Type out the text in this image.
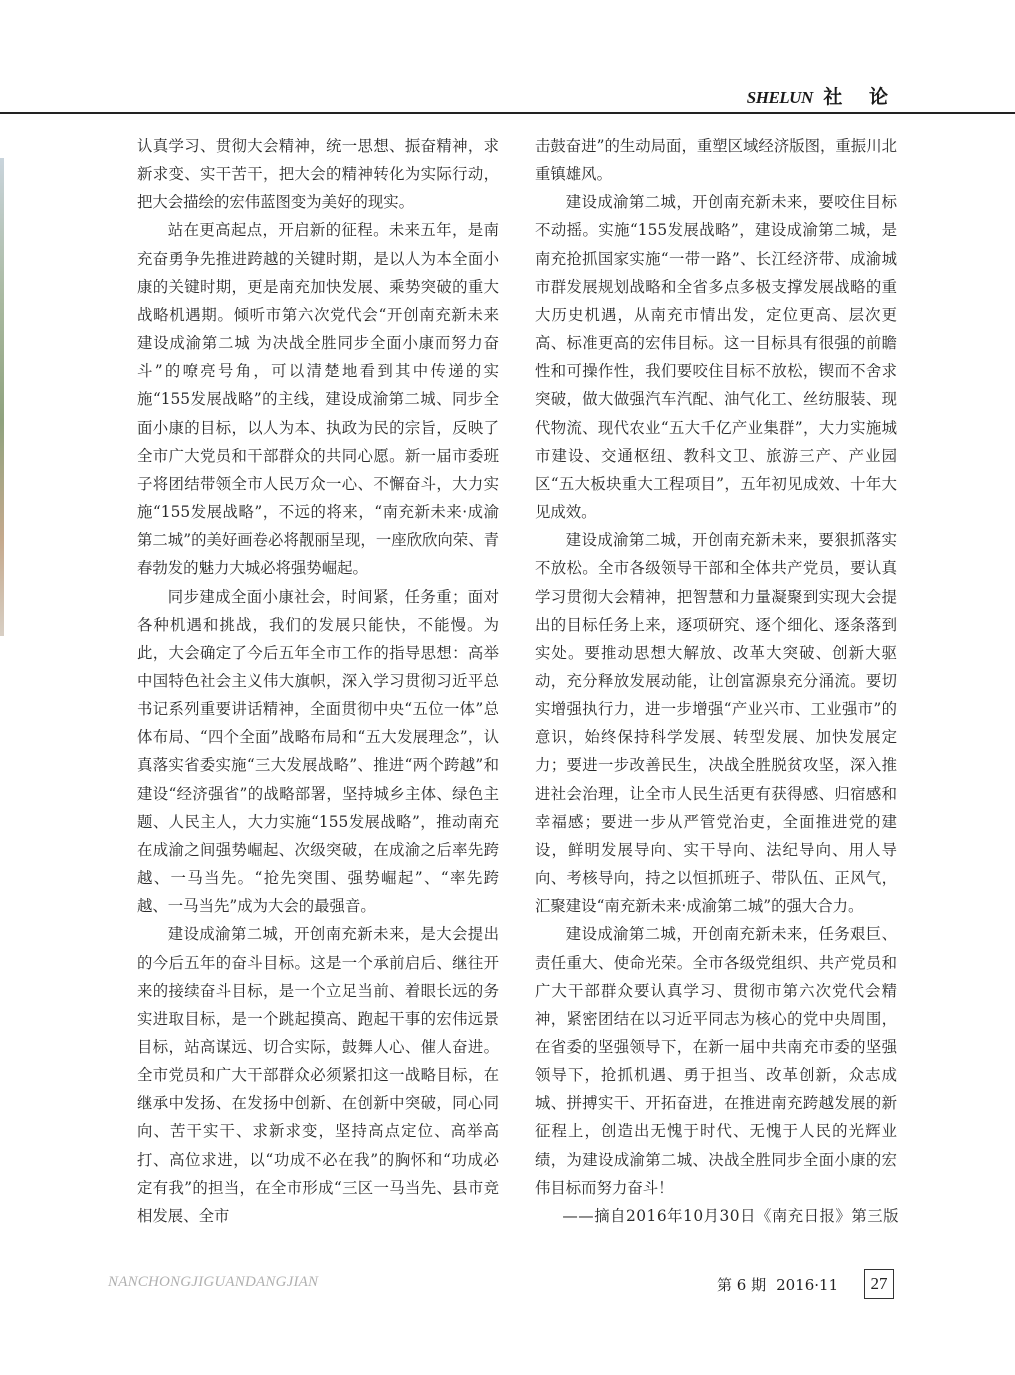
SHELUN 社 论

认真学习、贯彻大会精神，统一思想、振奋精神，求新求变、实干苦干，把大会的精神转化为实际行动，把大会描绘的宏伟蓝图变为美好的现实。

站在更高起点，开启新的征程。未来五年，是南充奋勇争先推进跨越的关键时期，是以人为本全面小康的关键时期，更是南充加快发展、乘势突破的重大战略机遇期。倾听市第六次党代会“开创南充新未来 建设成渝第二城 为决战全胜同步全面小康而努力奋斗”的嘹亮号角，可以清楚地看到其中传递的实施“155发展战略”的主线，建设成渝第二城、同步全面小康的目标，以人为本、执政为民的宗旨，反映了全市广大党员和干部群众的共同心愿。新一届市委班子将团结带领全市人民万众一心、不懈奋斗，大力实施“155发展战略”，不远的将来，“南充新未来·成渝第二城”的美好画卷必将靓丽呈现，一座欣欣向荣、青春勃发的魅力大城必将强势崛起。

同步建成全面小康社会，时间紧，任务重；面对各种机遇和挑战，我们的发展只能快，不能慢。为此，大会确定了今后五年全市工作的指导思想：高举中国特色社会主义伟大旗帜，深入学习贯彻习近平总书记系列重要讲话精神，全面贯彻中央“五位一体”总体布局、“四个全面”战略布局和“五大发展理念”，认真落实省委实施“三大发展战略”、推进“两个跨越”和建设“经济强省”的战略部署，坚持城乡主体、绿色主题、人民主人，大力实施“155发展战略”，推动南充在成渝之间强势崛起、次级突破，在成渝之后率先跨越、一马当先。“抢先突围、强势崛起”、“率先跨越、一马当先”成为大会的最强音。

建设成渝第二城，开创南充新未来，是大会提出的今后五年的奋斗目标。这是一个承前启后、继往开来的接续奋斗目标，是一个立足当前、着眼长远的务实进取目标，是一个跳起摸高、跑起干事的宏伟远景目标，站高谋远、切合实际，鼓舞人心、催人奋进。全市党员和广大干部群众必须紧扣这一战略目标，在继承中发扬、在发扬中创新、在创新中突破，同心同向、苦干实干、求新求变，坚持高点定位、高举高打、高位求进，以“功成不必在我”的胸怀和“功成必定有我”的担当，在全市形成“三区一马当先、县市竞相发展、全市

击鼓奋进”的生动局面，重塑区域经济版图，重振川北重镇雄风。

建设成渝第二城，开创南充新未来，要咬住目标不动摇。实施“155发展战略”，建设成渝第二城，是南充抢抓国家实施“一带一路”、长江经济带、成渝城市群发展规划战略和全省多点多极支撑发展战略的重大历史机遇，从南充市情出发，定位更高、层次更高、标准更高的宏伟目标。这一目标具有很强的前瞻性和可操作性，我们要咬住目标不放松，锲而不舍求突破，做大做强汽车汽配、油气化工、丝纺服装、现代物流、现代农业“五大千亿产业集群”，大力实施城市建设、交通枢纽、教科文卫、旅游三产、产业园区“五大板块重大工程项目”，五年初见成效、十年大见成效。

建设成渝第二城，开创南充新未来，要狠抓落实不放松。全市各级领导干部和全体共产党员，要认真学习贯彻大会精神，把智慧和力量凝聚到实现大会提出的目标任务上来，逐项研究、逐个细化、逐条落到实处。要推动思想大解放、改革大突破、创新大驱动，充分释放发展动能，让创富源泉充分涌流。要切实增强执行力，进一步增强“产业兴市、工业强市”的意识，始终保持科学发展、转型发展、加快发展定力；要进一步改善民生，决战全胜脱贫攻坚，深入推进社会治理，让全市人民生活更有获得感、归宿感和幸福感；要进一步从严管党治吏，全面推进党的建设，鲜明发展导向、实干导向、法纪导向、用人导向、考核导向，持之以恒抓班子、带队伍、正风气，汇聚建设“南充新未来·成渝第二城”的强大合力。

建设成渝第二城，开创南充新未来，任务艰巨、责任重大、使命光荣。全市各级党组织、共产党员和广大干部群众要认真学习、贯彻市第六次党代会精神，紧密团结在以习近平同志为核心的党中央周围，在省委的坚强领导下，在新一届中共南充市委的坚强领导下，抢抓机遇、勇于担当、改革创新，众志成城、拼搏实干、开拓奋进，在推进南充跨越发展的新征程上，创造出无愧于时代、无愧于人民的光辉业绩，为建设成渝第二城、决战全胜同步全面小康的宏伟目标而努力奋斗！

——摘自2016年10月30日《南充日报》第三版

NANCHONGJIGUANDANGJIAN	第 6 期 2016·11	27
